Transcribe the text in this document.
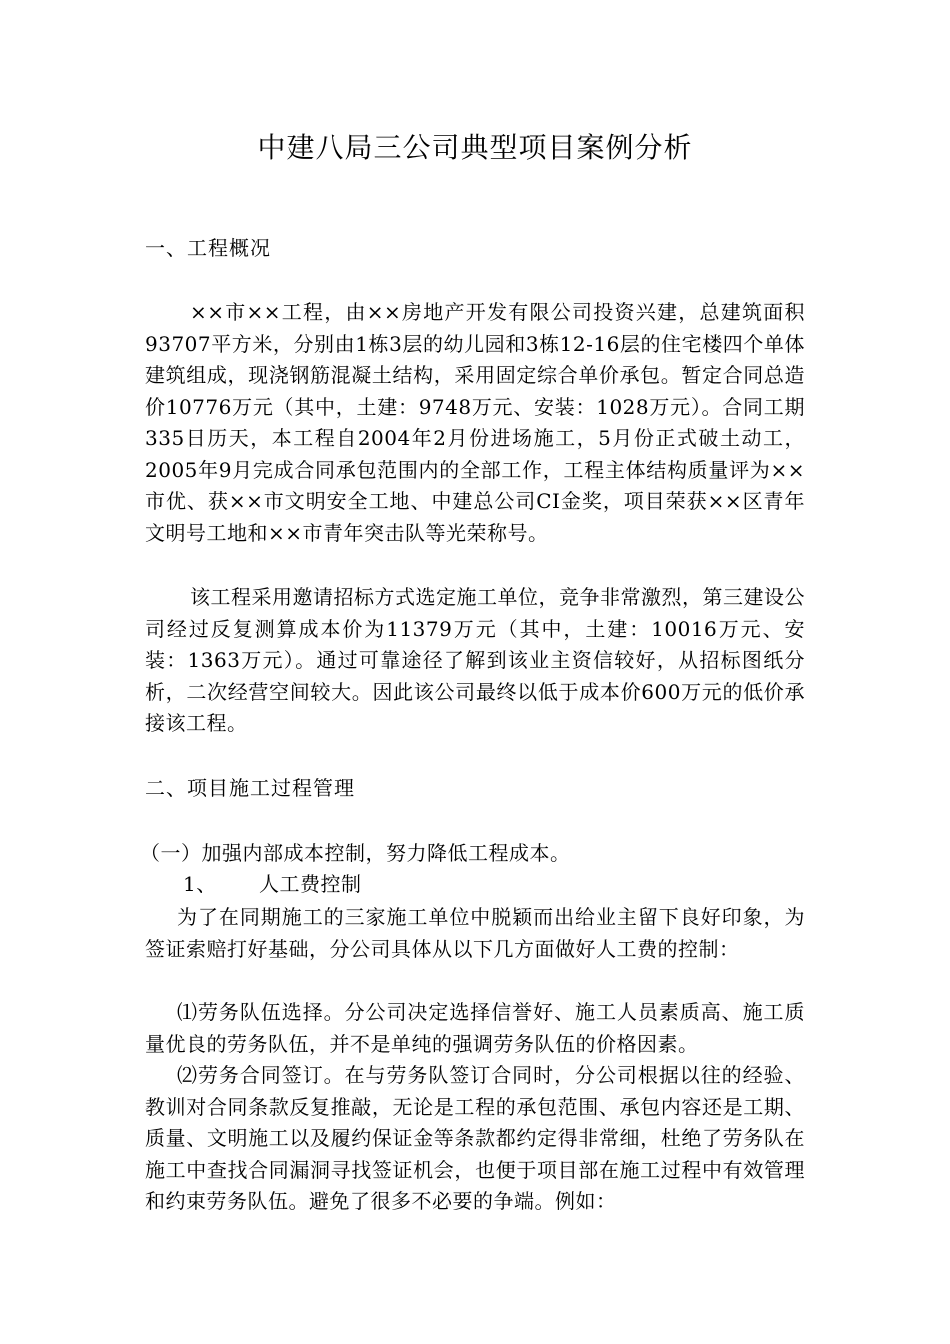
中建八局三公司典型项目案例分析
一、工程概况

××市××工程，由××房地产开发有限公司投资兴建，总建筑面积93707平方米，分别由1栋3层的幼儿园和3栋12-16层的住宅楼四个单体建筑组成，现浇钢筋混凝土结构，采用固定综合单价承包。暂定合同总造价10776万元（其中，土建：9748万元、安装：1028万元）。合同工期335日历天，本工程自2004年2月份进场施工，5月份正式破土动工，2005年9月完成合同承包范围内的全部工作，工程主体结构质量评为××市优、获××市文明安全工地、中建总公司CI金奖，项目荣获××区青年文明号工地和××市青年突击队等光荣称号。

该工程采用邀请招标方式选定施工单位，竞争非常激烈，第三建设公司经过反复测算成本价为11379万元（其中，土建：10016万元、安装：1363万元）。通过可靠途径了解到该业主资信较好，从招标图纸分析，二次经营空间较大。因此该公司最终以低于成本价600万元的低价承接该工程。

二、项目施工过程管理
（一）加强内部成本控制，努力降低工程成本。
1、 人工费控制

为了在同期施工的三家施工单位中脱颖而出给业主留下良好印象，为签证索赔打好基础，分公司具体从以下几方面做好人工费的控制：

⑴劳务队伍选择。分公司决定选择信誉好、施工人员素质高、施工质量优良的劳务队伍，并不是单纯的强调劳务队伍的价格因素。

⑵劳务合同签订。在与劳务队签订合同时，分公司根据以往的经验、教训对合同条款反复推敲，无论是工程的承包范围、承包内容还是工期、质量、文明施工以及履约保证金等条款都约定得非常细，杜绝了劳务队在施工中查找合同漏洞寻找签证机会，也便于项目部在施工过程中有效管理和约束劳务队伍。避免了很多不必要的争端。例如：
